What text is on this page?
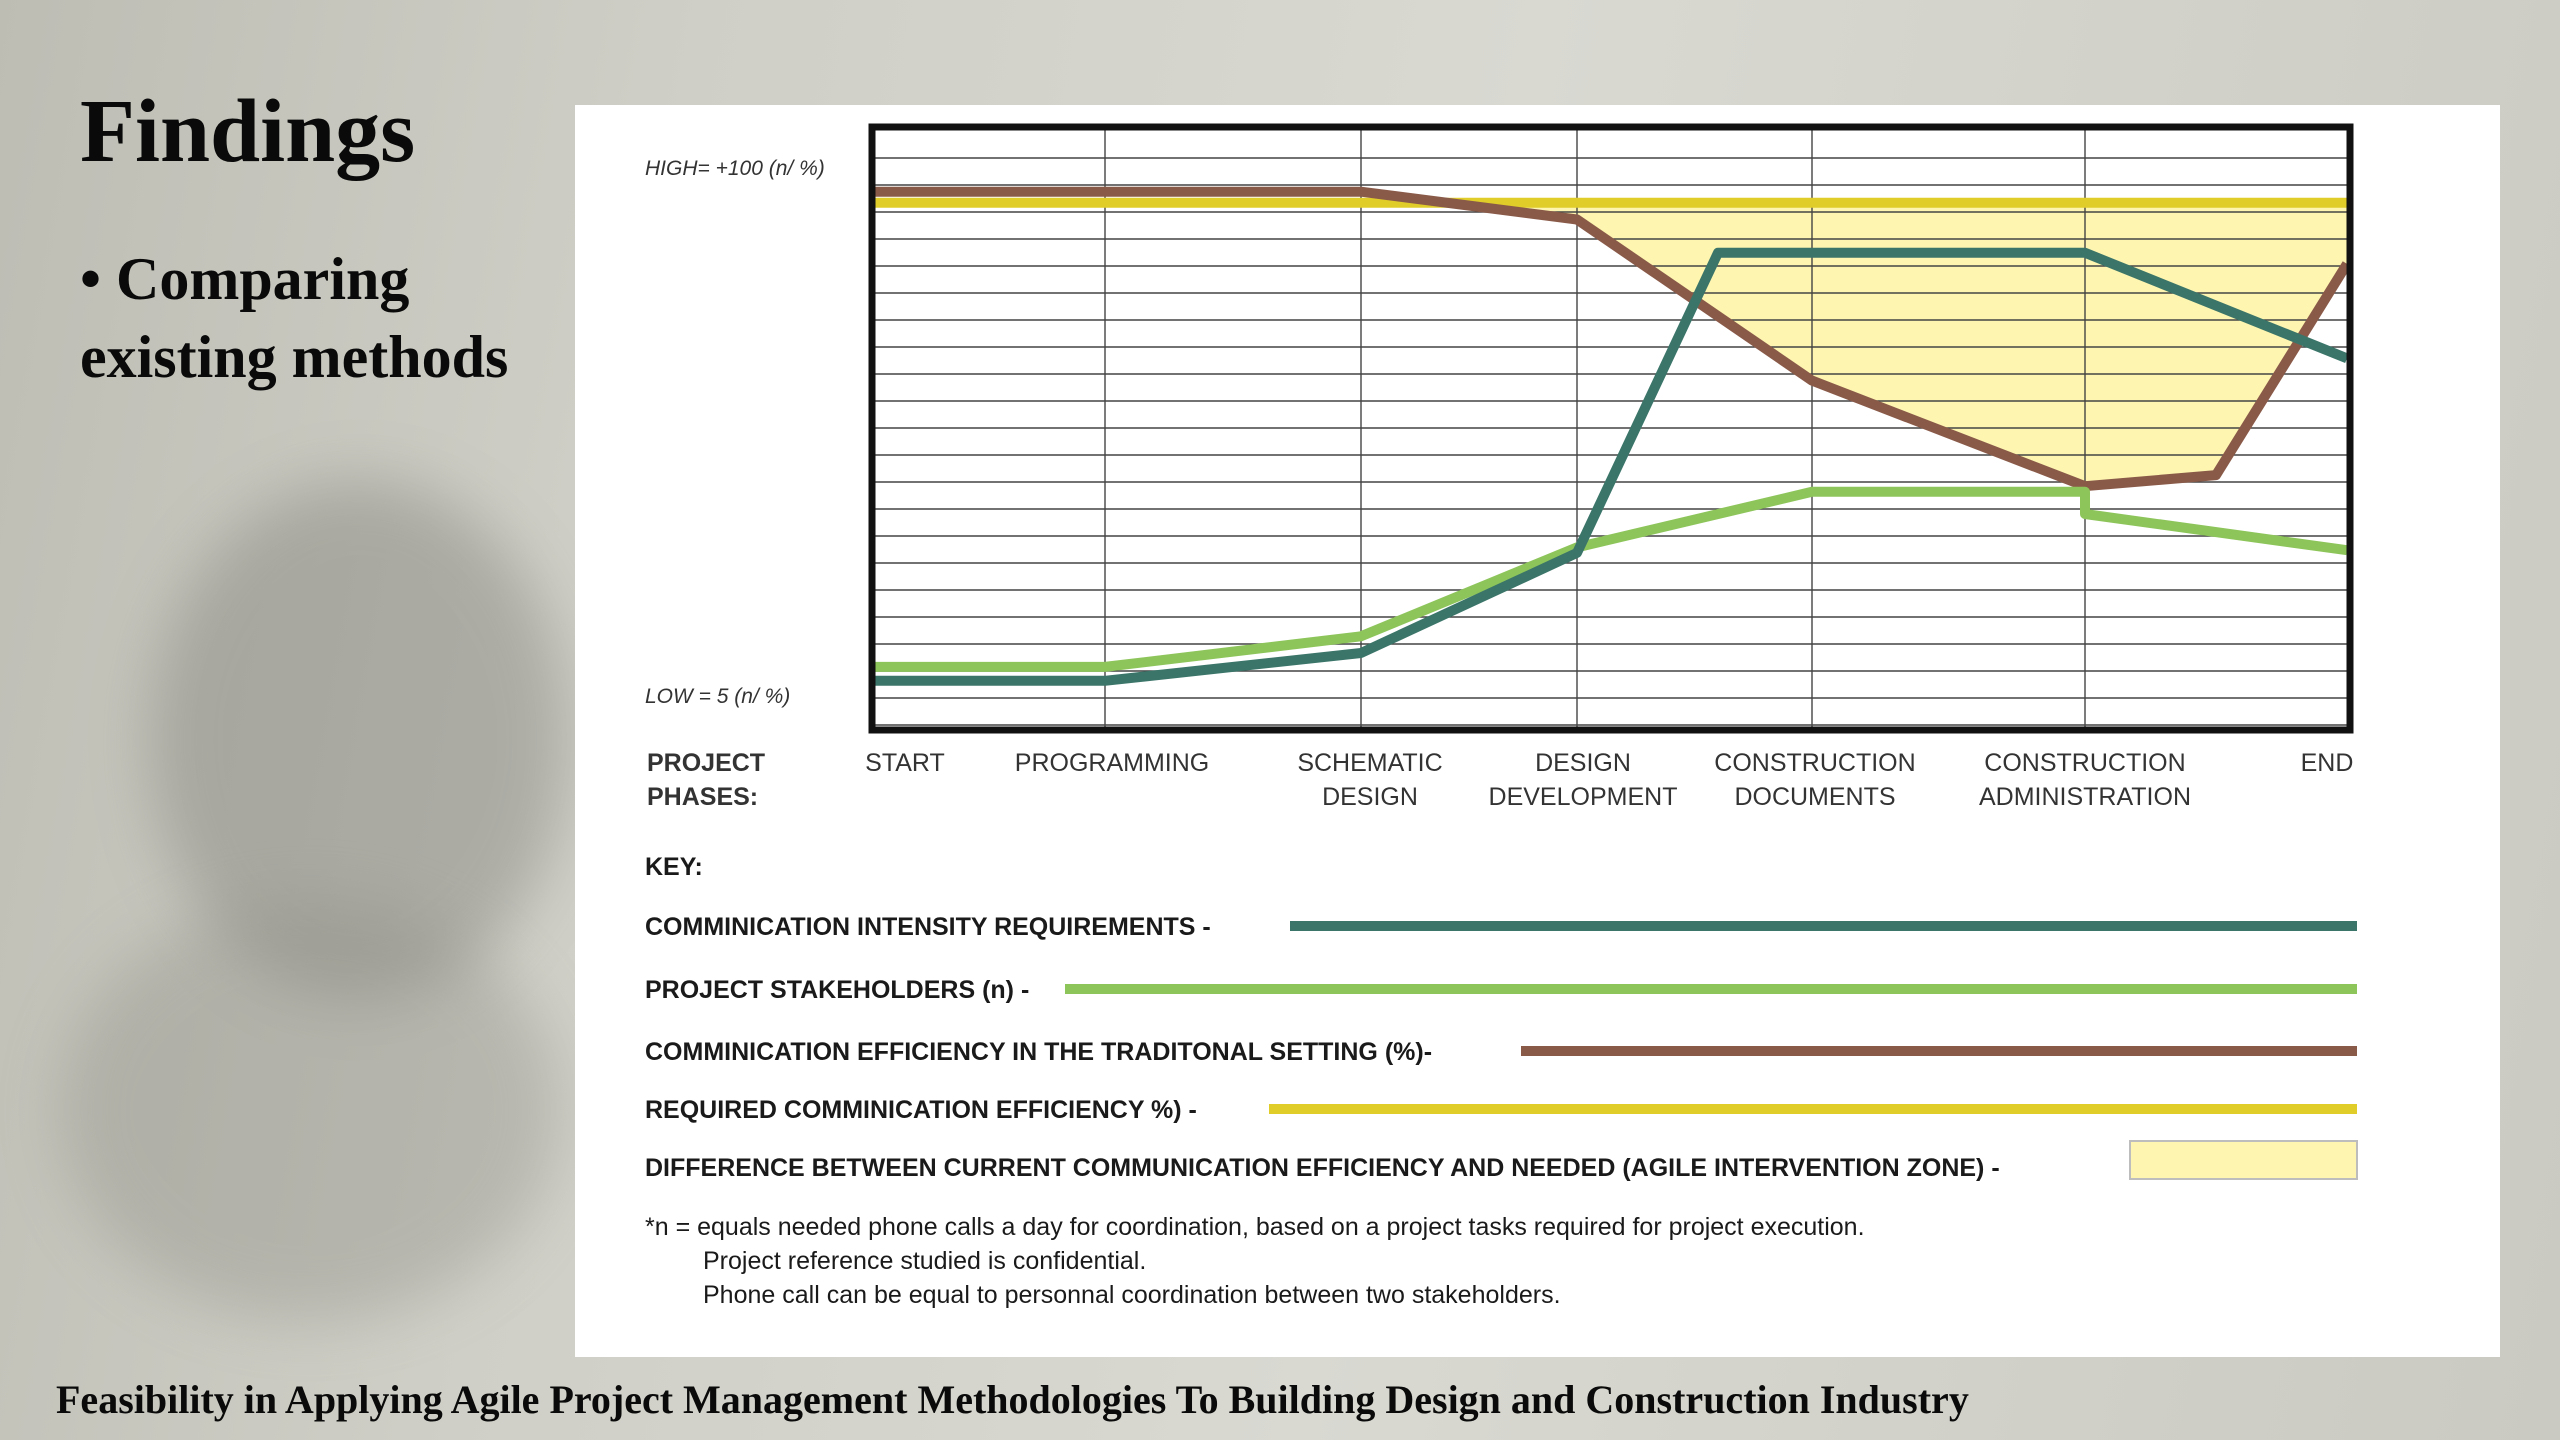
Findings
• Comparing existing methods
HIGH= +100 (n/ %)
LOW = 5 (n/ %)
PROJECT PHASES:
START	PROGRAMMING	SCHEMATIC DESIGN
DESIGN DEVELOPMENT
CONSTRUCTION DOCUMENTS
CONSTRUCTION ADMINISTRATION
END
KEY:
COMMINICATION INTENSITY REQUIREMENTS -
PROJECT STAKEHOLDERS (n) -
COMMINICATION EFFICIENCY IN THE TRADITONAL SETTING (%)-
REQUIRED COMMINICATION EFFICIENCY %) -
DIFFERENCE BETWEEN CURRENT COMMUNICATION EFFICIENCY AND NEEDED (AGILE INTERVENTION ZONE) -
*n = equals needed phone calls a day for coordination, based on a project tasks required for project execution.
Project reference studied is confidential.
Phone call can be equal to personnal coordination between two stakeholders.
Feasibility in Applying Agile Project Management Methodologies To Building Design and Construction Industry
